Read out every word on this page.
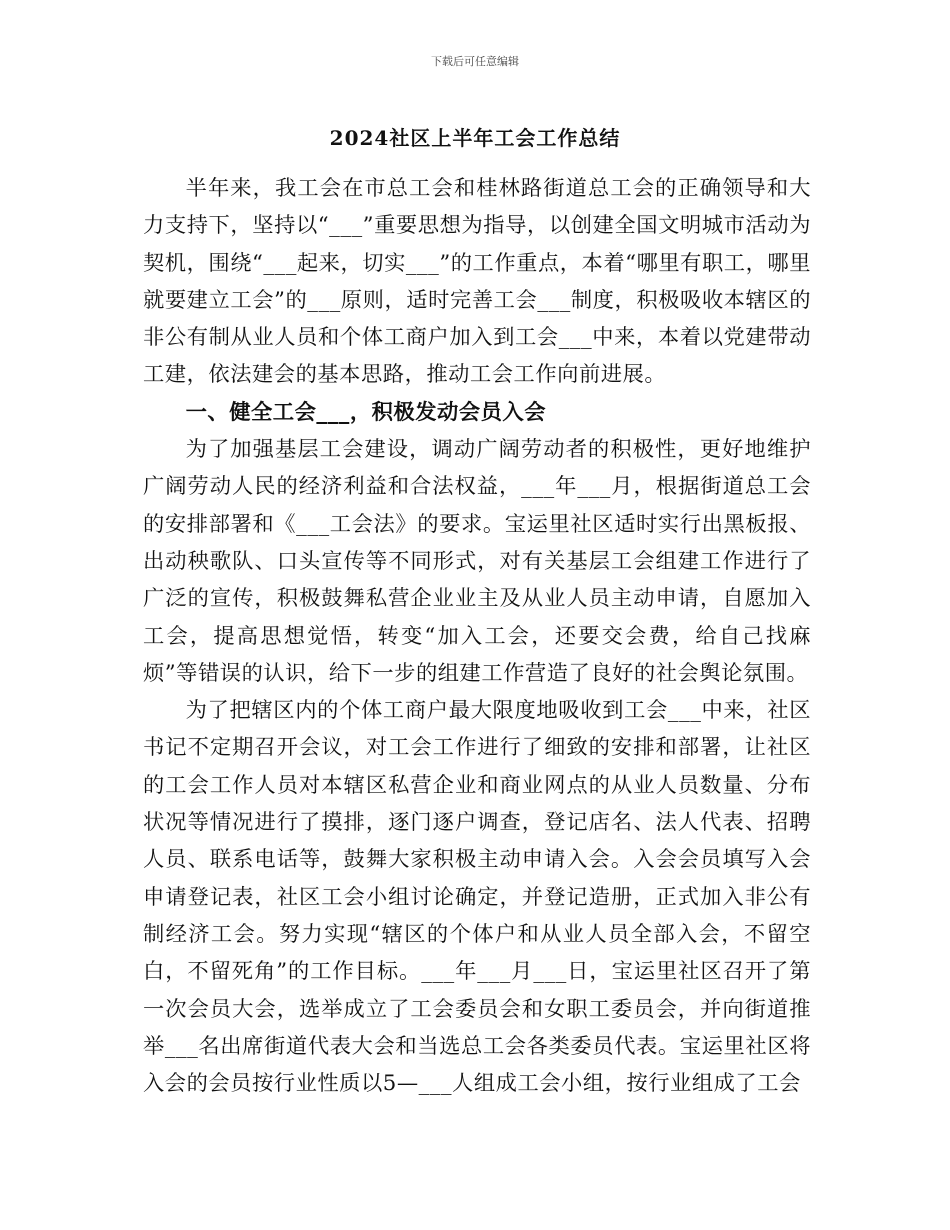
下载后可任意编辑
2024社区上半年工会工作总结

半年来，我工会在市总工会和桂林路街道总工会的正确领导和大力支持下，坚持以“___”重要思想为指导，以创建全国文明城市活动为契机，围绕“___起来，切实___”的工作重点，本着“哪里有职工，哪里就要建立工会”的___原则，适时完善工会___制度，积极吸收本辖区的非公有制从业人员和个体工商户加入到工会___中来，本着以党建带动工建，依法建会的基本思路，推动工会工作向前进展。

一、健全工会___，积极发动会员入会

为了加强基层工会建设，调动广阔劳动者的积极性，更好地维护广阔劳动人民的经济利益和合法权益，___年___月，根据街道总工会的安排部署和《___工会法》的要求。宝运里社区适时实行出黑板报、出动秧歌队、口头宣传等不同形式，对有关基层工会组建工作进行了广泛的宣传，积极鼓舞私营企业业主及从业人员主动申请，自愿加入工会，提高思想觉悟，转变“加入工会，还要交会费，给自己找麻烦”等错误的认识，给下一步的组建工作营造了良好的社会舆论氛围。

为了把辖区内的个体工商户最大限度地吸收到工会___中来，社区书记不定期召开会议，对工会工作进行了细致的安排和部署，让社区的工会工作人员对本辖区私营企业和商业网点的从业人员数量、分布状况等情况进行了摸排，逐门逐户调查，登记店名、法人代表、招聘人员、联系电话等，鼓舞大家积极主动申请入会。入会会员填写入会申请登记表，社区工会小组讨论确定，并登记造册，正式加入非公有制经济工会。努力实现“辖区的个体户和从业人员全部入会，不留空白，不留死角”的工作目标。___年___月___日，宝运里社区召开了第一次会员大会，选举成立了工会委员会和女职工委员会，并向街道推举___名出席街道代表大会和当选总工会各类委员代表。宝运里社区将入会的会员按行业性质以5—___人组成工会小组，按行业组成了工会
